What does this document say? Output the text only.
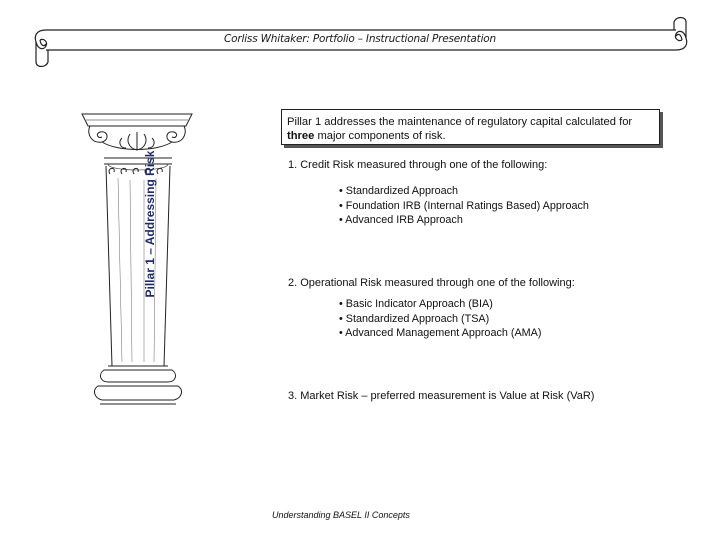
Corliss Whitaker: Portfolio – Instructional Presentation
Pillar 1 – Addressing Risk
Pillar 1 addresses the maintenance of regulatory capital calculated for three major components of risk.
1. Credit Risk measured through one of the following:
• Standardized Approach
• Foundation IRB (Internal Ratings Based) Approach
• Advanced IRB Approach
2. Operational Risk measured through one of the following:
• Basic Indicator Approach (BIA)
• Standardized Approach (TSA)
• Advanced Management Approach (AMA)
3. Market Risk – preferred measurement is Value at Risk (VaR)
Understanding BASEL II Concepts
